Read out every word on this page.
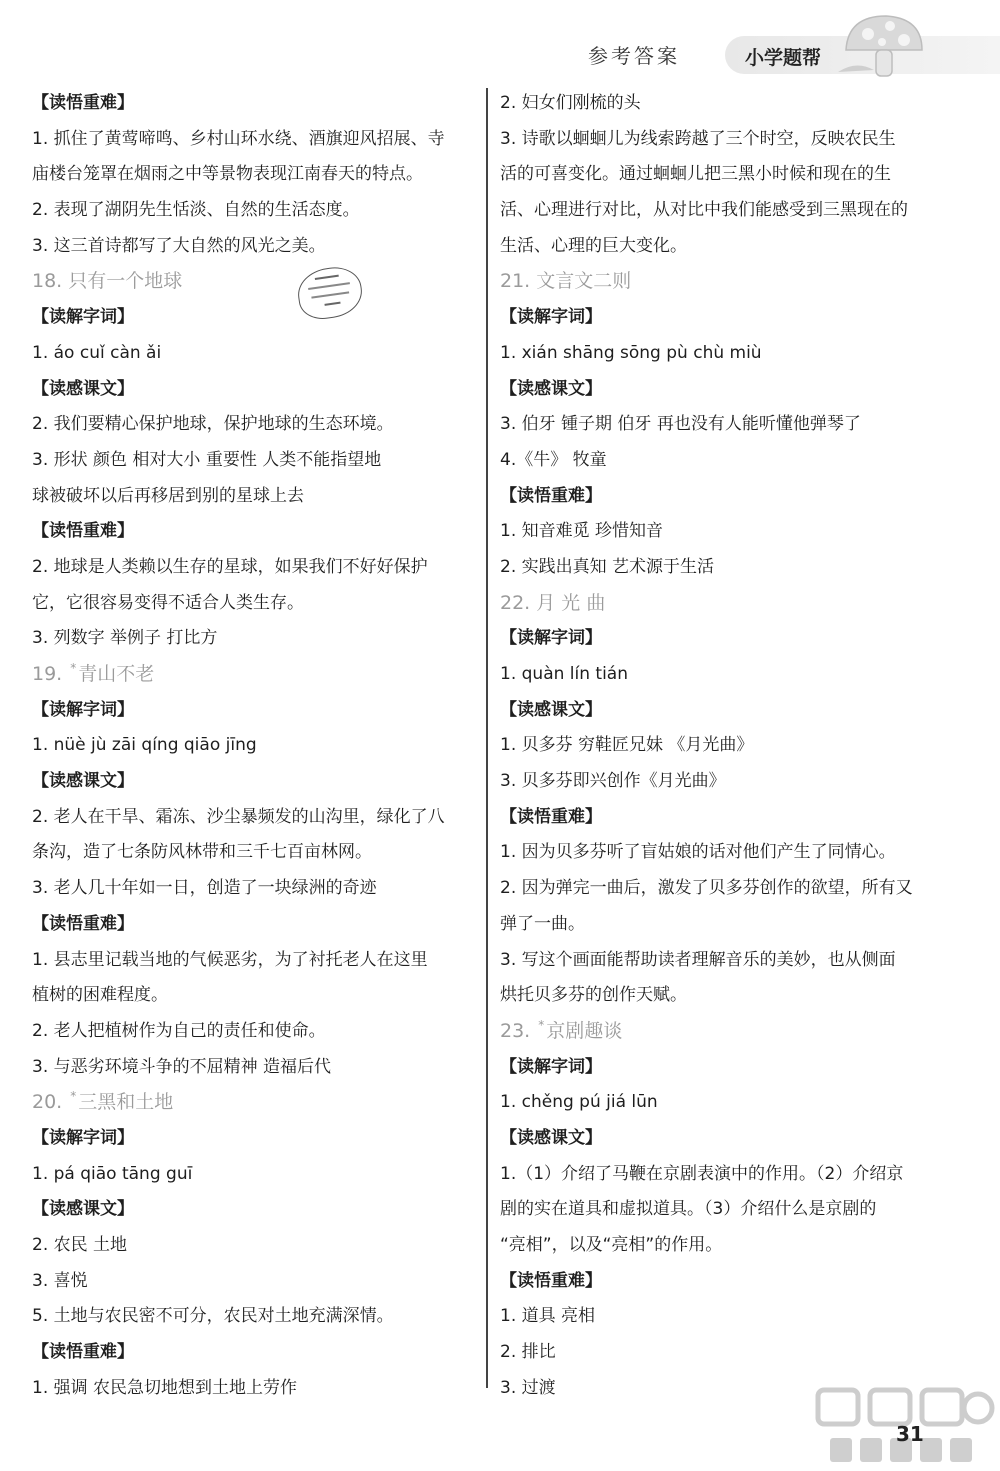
参考答案	小学题帮
【读悟重难】
1. 抓住了黄莺啼鸣、乡村山环水绕、酒旗迎风招展、寺
庙楼台笼罩在烟雨之中等景物表现江南春天的特点。
2. 表现了湖阴先生恬淡、自然的生活态度。
3. 这三首诗都写了大自然的风光之美。
18. 只有一个地球
【读解字词】
1. áo cuǐ càn ǎi
【读感课文】
2. 我们要精心保护地球，保护地球的生态环境。
3. 形状 颜色 相对大小 重要性 人类不能指望地
球被破坏以后再移居到别的星球上去
【读悟重难】
2. 地球是人类赖以生存的星球，如果我们不好好保护
它，它很容易变得不适合人类生存。
3. 列数字 举例子 打比方
19. * 青山不老
【读解字词】
1. nüè jù zāi qíng qiāo jīng
【读感课文】
2. 老人在干旱、霜冻、沙尘暴频发的山沟里，绿化了八
条沟，造了七条防风林带和三千七百亩林网。
3. 老人几十年如一日，创造了一块绿洲的奇迹
【读悟重难】
1. 县志里记载当地的气候恶劣，为了衬托老人在这里
植树的困难程度。
2. 老人把植树作为自己的责任和使命。
3. 与恶劣环境斗争的不屈精神 造福后代
20. * 三黑和土地
【读解字词】
1. pá qiāo tāng guī
【读感课文】
2. 农民 土地
3. 喜悦
5. 土地与农民密不可分，农民对土地充满深情。
【读悟重难】
1. 强调 农民急切地想到土地上劳作
2. 妇女们刚梳的头
3. 诗歌以蛔蛔儿为线索跨越了三个时空，反映农民生
活的可喜变化。通过蛔蛔儿把三黑小时候和现在的生
活、心理进行对比，从对比中我们能感受到三黑现在的
生活、心理的巨大变化。
21. 文言文二则
【读解字词】
1. xián shāng sōng pù chù miù
【读感课文】
3. 伯牙 锺子期 伯牙 再也没有人能听懂他弹琴了
4.《牛》 牧童
【读悟重难】
1. 知音难觅 珍惜知音
2. 实践出真知 艺术源于生活
22. 月 光 曲
【读解字词】
1. quàn lín tián
【读感课文】
1. 贝多芬 穷鞋匠兄妹 《月光曲》
3. 贝多芬即兴创作《月光曲》
【读悟重难】
1. 因为贝多芬听了盲姑娘的话对他们产生了同情心。
2. 因为弹完一曲后，激发了贝多芬创作的欲望，所有又
弹了一曲。
3. 写这个画面能帮助读者理解音乐的美妙，也从侧面
烘托贝多芬的创作天赋。
23. * 京剧趣谈
【读解字词】
1. chěng pú jiá lūn
【读感课文】
1.（1）介绍了马鞭在京剧表演中的作用。（2）介绍京
剧的实在道具和虚拟道具。（3）介绍什么是京剧的
“亮相”，以及“亮相”的作用。
【读悟重难】
1. 道具 亮相
2. 排比
3. 过渡
31
